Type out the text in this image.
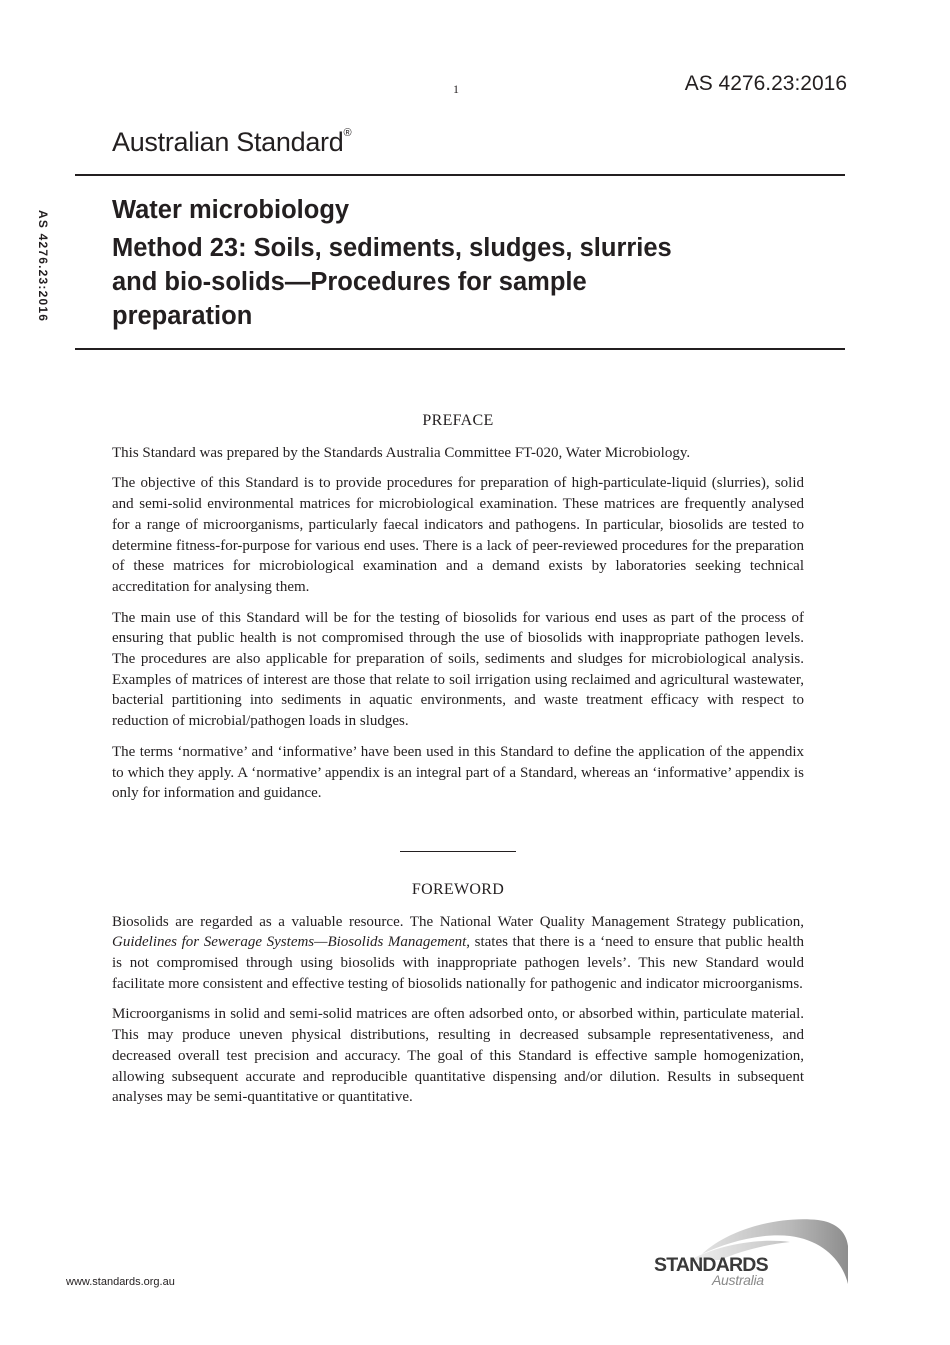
1	AS 4276.23:2016
Australian Standard®
AS 4276.23:2016 Water microbiology
Method 23: Soils, sediments, sludges, slurries
and bio-solids—Procedures for sample
preparation
PREFACE

This Standard was prepared by the Standards Australia Committee FT-020, Water Microbiology.

The objective of this Standard is to provide procedures for preparation of high-particulate-liquid (slurries), solid and semi-solid environmental matrices for microbiological examination. These matrices are frequently analysed for a range of microorganisms, particularly faecal indicators and pathogens. In particular, biosolids are tested to determine fitness-for-purpose for various end uses. There is a lack of peer-reviewed procedures for the preparation of these matrices for microbiological examination and a demand exists by laboratories seeking technical accreditation for analysing them.

The main use of this Standard will be for the testing of biosolids for various end uses as part of the process of ensuring that public health is not compromised through the use of biosolids with inappropriate pathogen levels. The procedures are also applicable for preparation of soils, sediments and sludges for microbiological analysis. Examples of matrices of interest are those that relate to soil irrigation using reclaimed and agricultural wastewater, bacterial partitioning into sediments in aquatic environments, and waste treatment efficacy with respect to reduction of microbial/pathogen loads in sludges.

The terms ‘normative’ and ‘informative’ have been used in this Standard to define the application of the appendix to which they apply. A ‘normative’ appendix is an integral part of a Standard, whereas an ‘informative’ appendix is only for information and guidance.

FOREWORD

Biosolids are regarded as a valuable resource. The National Water Quality Management Strategy publication, Guidelines for Sewerage Systems—Biosolids Management, states that there is a ‘need to ensure that public health is not compromised through using biosolids with inappropriate pathogen levels’. This new Standard would facilitate more consistent and effective testing of biosolids nationally for pathogenic and indicator microorganisms.

Microorganisms in solid and semi-solid matrices are often adsorbed onto, or absorbed within, particulate material. This may produce uneven physical distributions, resulting in decreased subsample representativeness, and decreased overall test precision and accuracy. The goal of this Standard is effective sample homogenization, allowing subsequent accurate and reproducible quantitative dispensing and/or dilution. Results in subsequent analyses may be semi-quantitative or quantitative.

www.standards.org.au
STANDARDS
Australia
